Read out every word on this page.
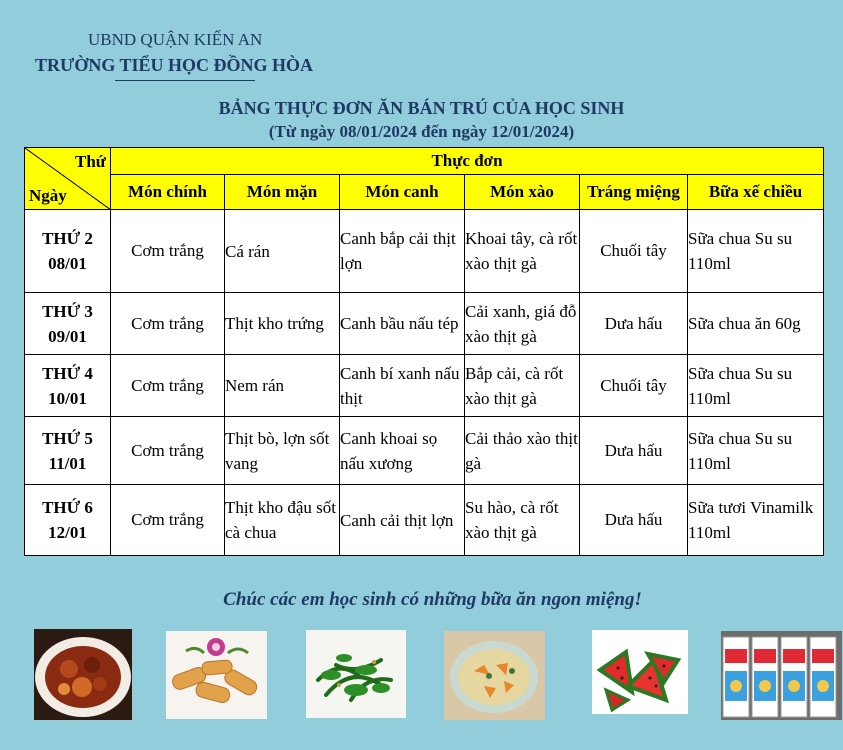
UBND QUẬN KIẾN AN
TRƯỜNG TIỂU HỌC ĐỒNG HÒA
BẢNG THỰC ĐƠN ĂN BÁN TRÚ CỦA HỌC SINH
(Từ ngày 08/01/2024 đến ngày 12/01/2024)
Thứ
Ngày	Thực đơn					
	Món chính	Món mặn	Món canh	Món xào	Tráng miệng	Bữa xế chiều
THỨ 2
08/01	Cơm trắng	Cá rán	Canh bắp cải thịt lợn	Khoai tây, cà rốt xào thịt gà	Chuối tây	Sữa chua Su su 110ml
THỨ 3
09/01	Cơm trắng	Thịt kho trứng	Canh bầu nấu tép	Cải xanh, giá đỗ xào thịt gà	Dưa hấu	Sữa chua ăn 60g
THỨ 4
10/01	Cơm trắng	Nem rán	Canh bí xanh nấu thịt	Bắp cải, cà rốt xào thịt gà	Chuối tây	Sữa chua Su su 110ml
THỨ 5
11/01	Cơm trắng	Thịt bò, lợn sốt vang	Canh khoai sọ nấu xương	Cải thảo xào thịt gà	Dưa hấu	Sữa chua Su su 110ml
THỨ 6
12/01	Cơm trắng	Thịt kho đậu sốt cà chua	Canh cải thịt lợn	Su hào, cà rốt xào thịt gà	Dưa hấu	Sữa tươi Vinamilk 110ml
Chúc các em học sinh có những bữa ăn ngon miệng!
